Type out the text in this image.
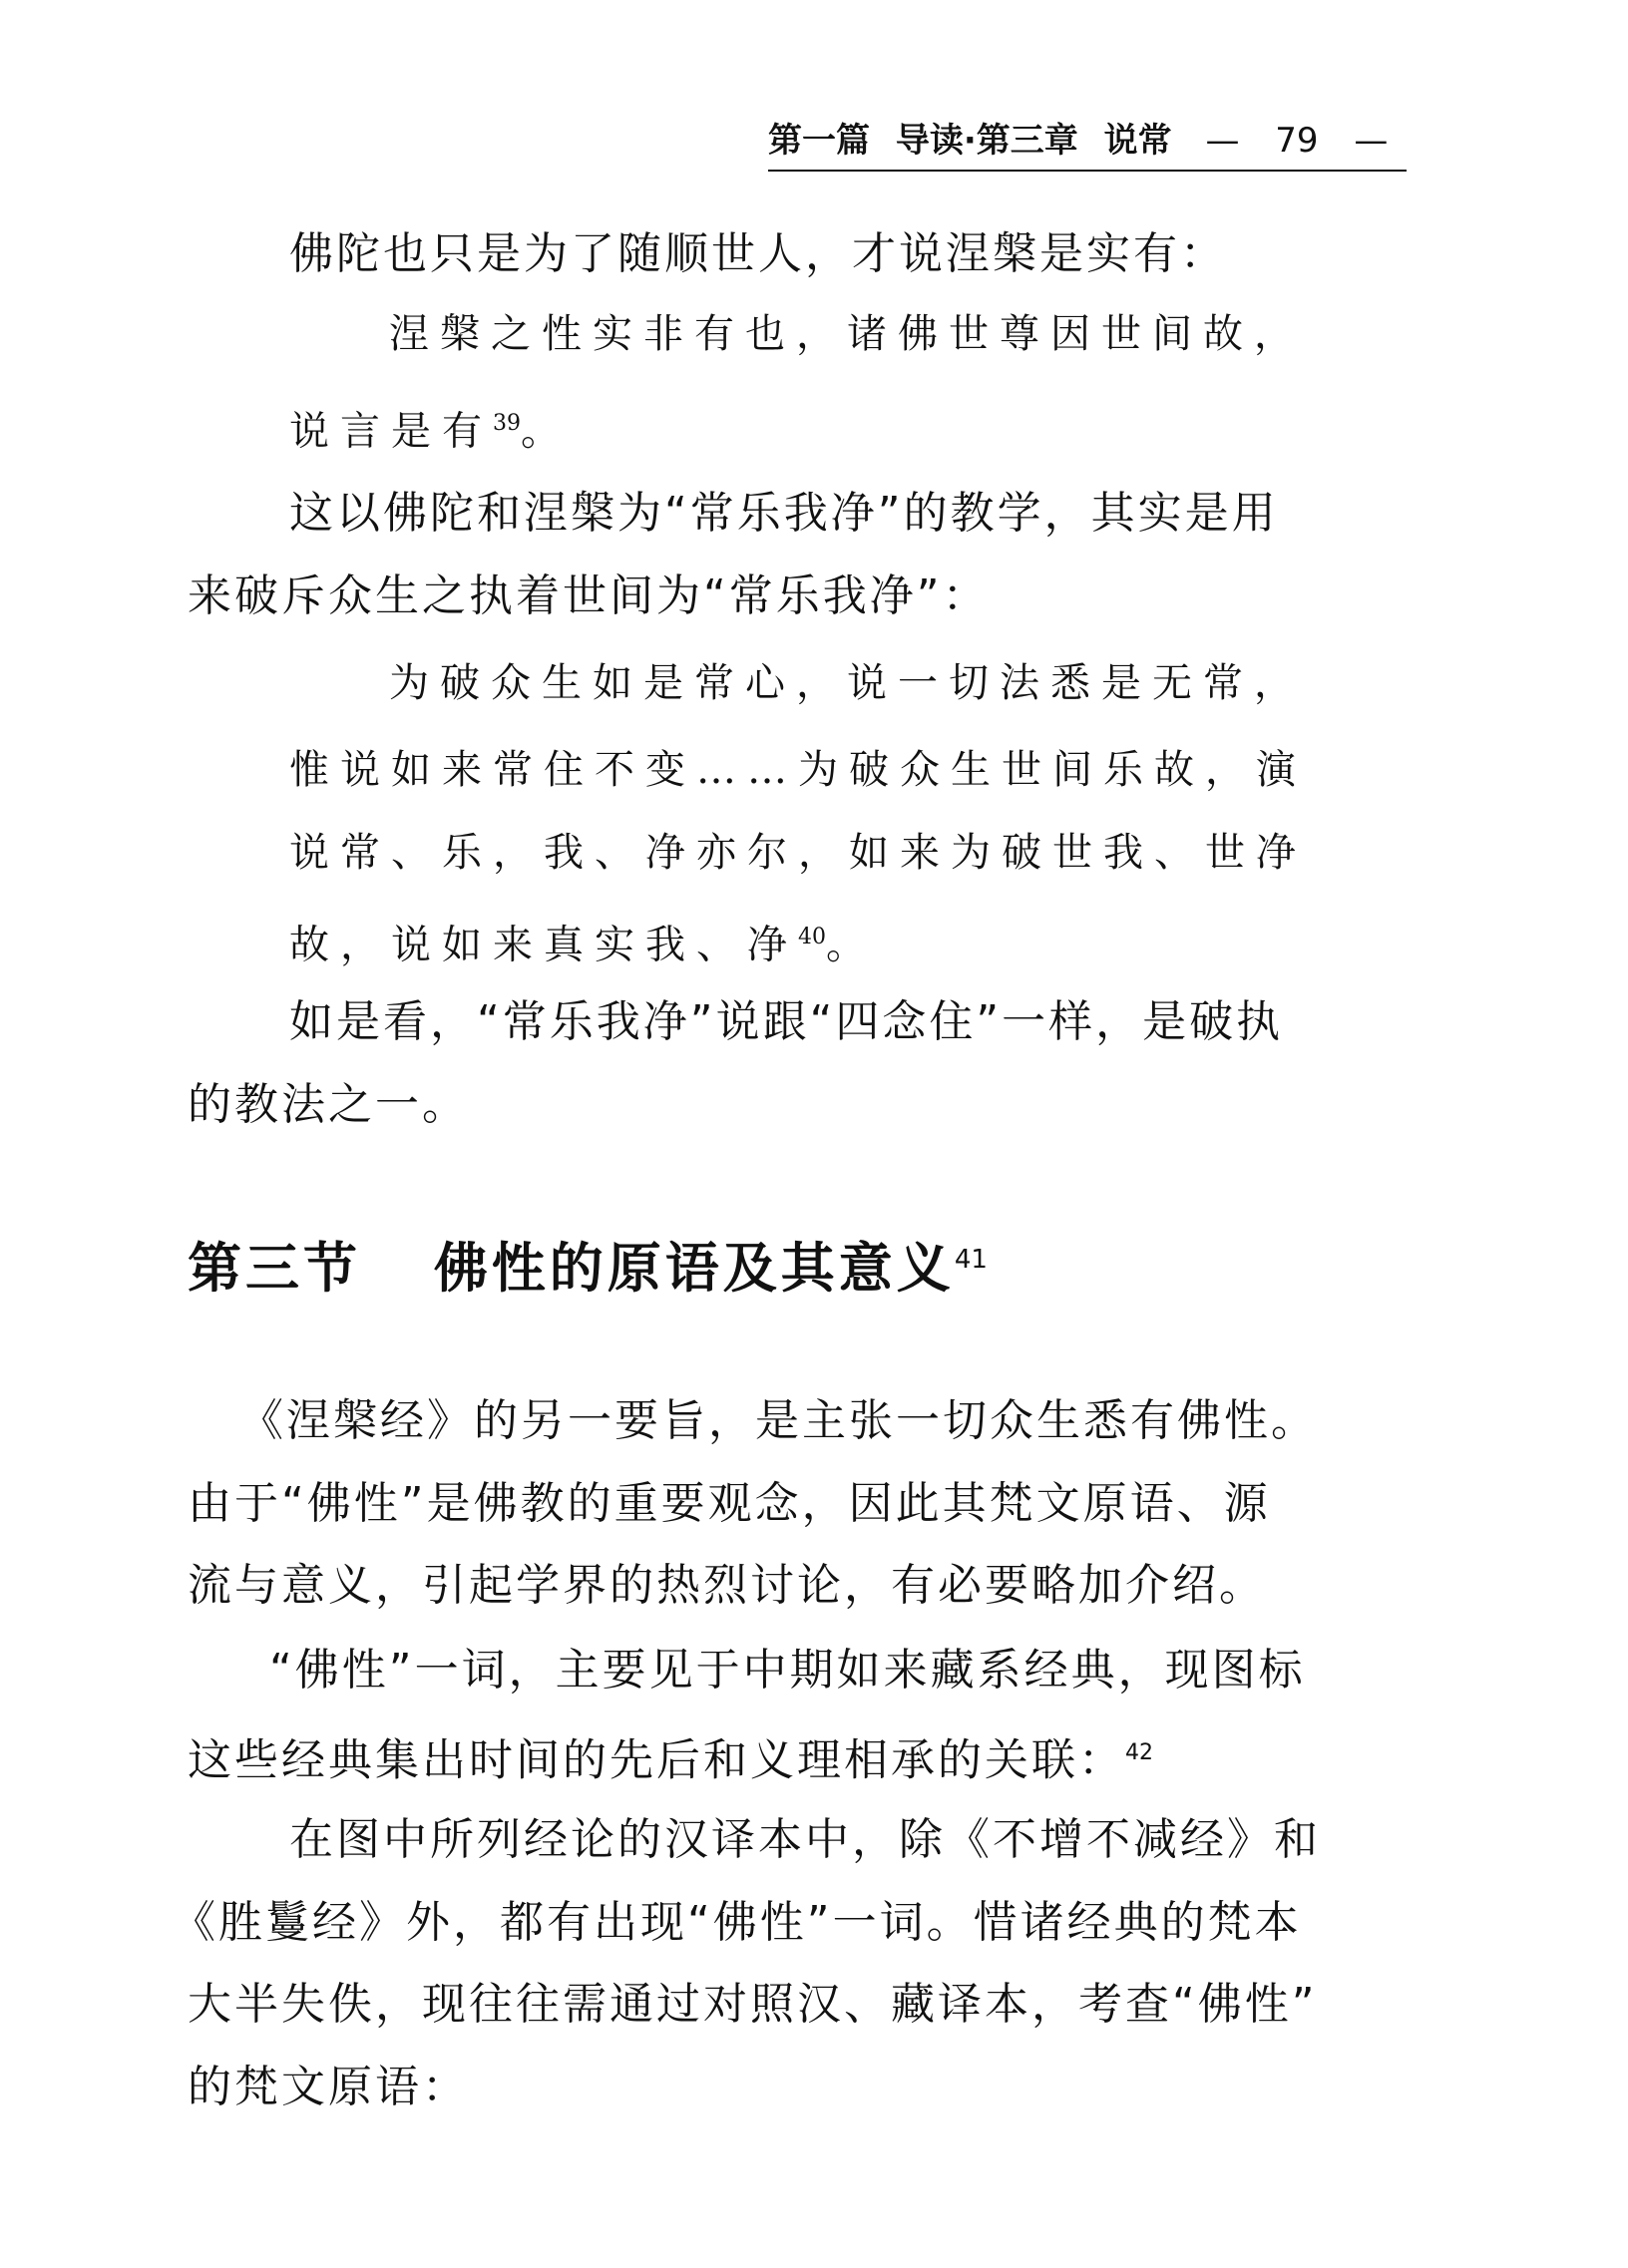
第一篇 导读·第三章 说常 — 79 —
佛陀也只是为了随顺世人，才说涅槃是实有：
涅槃之性实非有也，诸佛世尊因世间故，
说言是有$^{39}$。
这以佛陀和涅槃为“常乐我净”的教学，其实是用
来破斥众生之执着世间为“常乐我净”：
为破众生如是常心，说一切法悉是无常，
惟说如来常住不变……为破众生世间乐故，演
说常、乐，我、净亦尔，如来为破世我、世净
故，说如来真实我、净$^{40}$。
如是看，“常乐我净”说跟“四念住”一样，是破执
的教法之一。
第三节 佛性的原语及其意义$^{41}$
《涅槃经》的另一要旨，是主张一切众生悉有佛性。
由于“佛性”是佛教的重要观念，因此其梵文原语、源
流与意义，引起学界的热烈讨论，有必要略加介绍。
“佛性”一词，主要见于中期如来藏系经典，现图标
这些经典集出时间的先后和义理相承的关联：$^{42}$
在图中所列经论的汉译本中，除《不增不减经》和
《胜鬘经》外，都有出现“佛性”一词。惜诸经典的梵本
大半失佚，现往往需通过对照汉、藏译本，考查“佛性”
的梵文原语：
